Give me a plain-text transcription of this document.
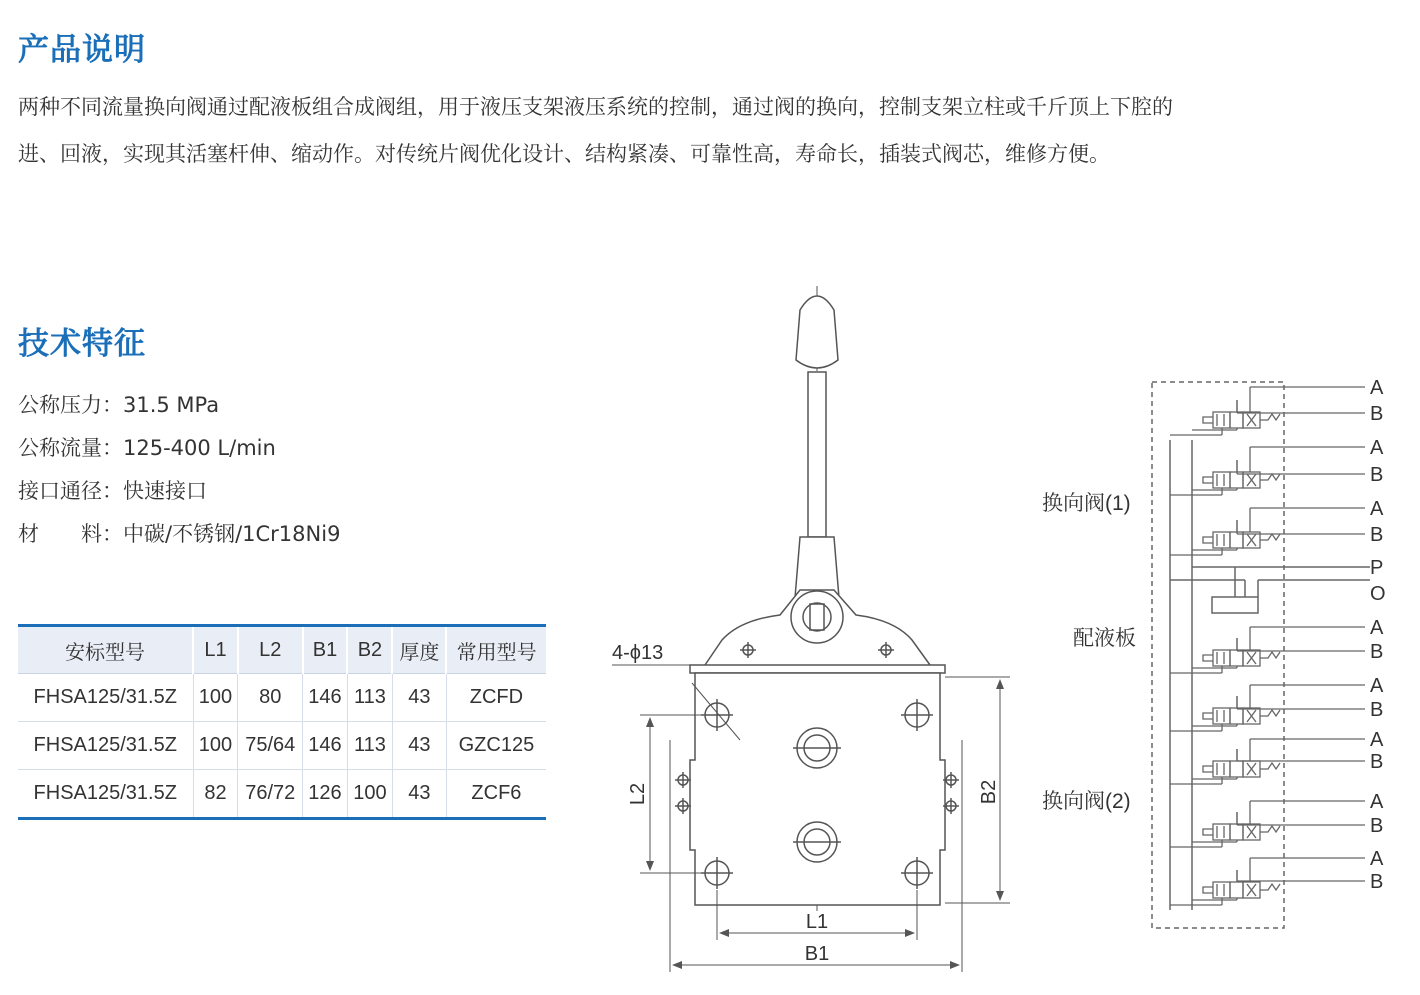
产品说明

两种不同流量换向阀通过配液板组合成阀组，用于液压支架液压系统的控制，通过阀的换向，控制支架立柱或千斤顶上下腔的

进、回液，实现其活塞杆伸、缩动作。对传统片阀优化设计、结构紧凑、可靠性高，寿命长，插装式阀芯，维修方便。

技术特征
公称压力：31.5 MPa
公称流量：125-400 L/min
接口通径：快速接口
材　　料：中碳/不锈钢/1Cr18Ni9
安标型号	L1	L2	B1	B2	厚度	常用型号
FHSA125/31.5Z	100	80	146	113	43	ZCFD
FHSA125/31.5Z	100	75/64	146	113	43	GZC125
FHSA125/31.5Z	82	76/72	126	100	43	ZCF6
4-ϕ13
L2	B2
L1
B1
换向阀(1)
配液板
换向阀(2)
A
B
A
B
A
B
P
O
A
B
A
B
A
B
A
B
A
B
